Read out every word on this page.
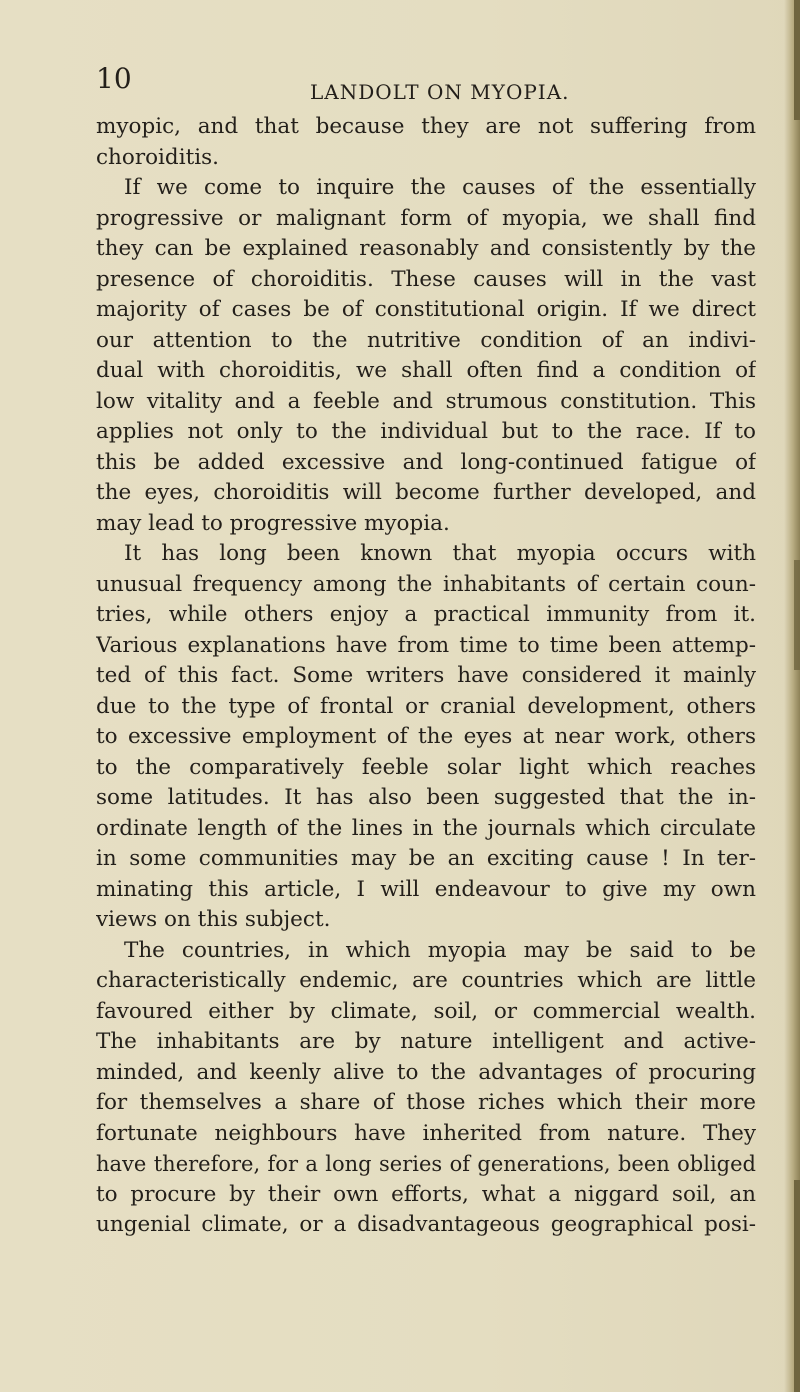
10	LANDOLT ON MYOPIA.
myopic, and that because they are not suffering from
choroiditis.
If we come to inquire the causes of the essentially
progressive or malignant form of myopia, we shall find
they can be explained reasonably and consistently by the
presence of choroiditis. These causes will in the vast
majority of cases be of constitutional origin. If we direct
our attention to the nutritive condition of an indivi-
dual with choroiditis, we shall often find a condition of
low vitality and a feeble and strumous constitution. This
applies not only to the individual but to the race. If to
this be added excessive and long-continued fatigue of
the eyes, choroiditis will become further developed, and
may lead to progressive myopia.
It has long been known that myopia occurs with
unusual frequency among the inhabitants of certain coun-
tries, while others enjoy a practical immunity from it.
Various explanations have from time to time been attemp-
ted of this fact. Some writers have considered it mainly
due to the type of frontal or cranial development, others
to excessive employment of the eyes at near work, others
to the comparatively feeble solar light which reaches
some latitudes. It has also been suggested that the in-
ordinate length of the lines in the journals which circulate
in some communities may be an exciting cause ! In ter-
minating this article, I will endeavour to give my own
views on this subject.
The countries, in which myopia may be said to be
characteristically endemic, are countries which are little
favoured either by climate, soil, or commercial wealth.
The inhabitants are by nature intelligent and active-
minded, and keenly alive to the advantages of procuring
for themselves a share of those riches which their more
fortunate neighbours have inherited from nature. They
have therefore, for a long series of generations, been obliged
to procure by their own efforts, what a niggard soil, an
ungenial climate, or a disadvantageous geographical posi-
